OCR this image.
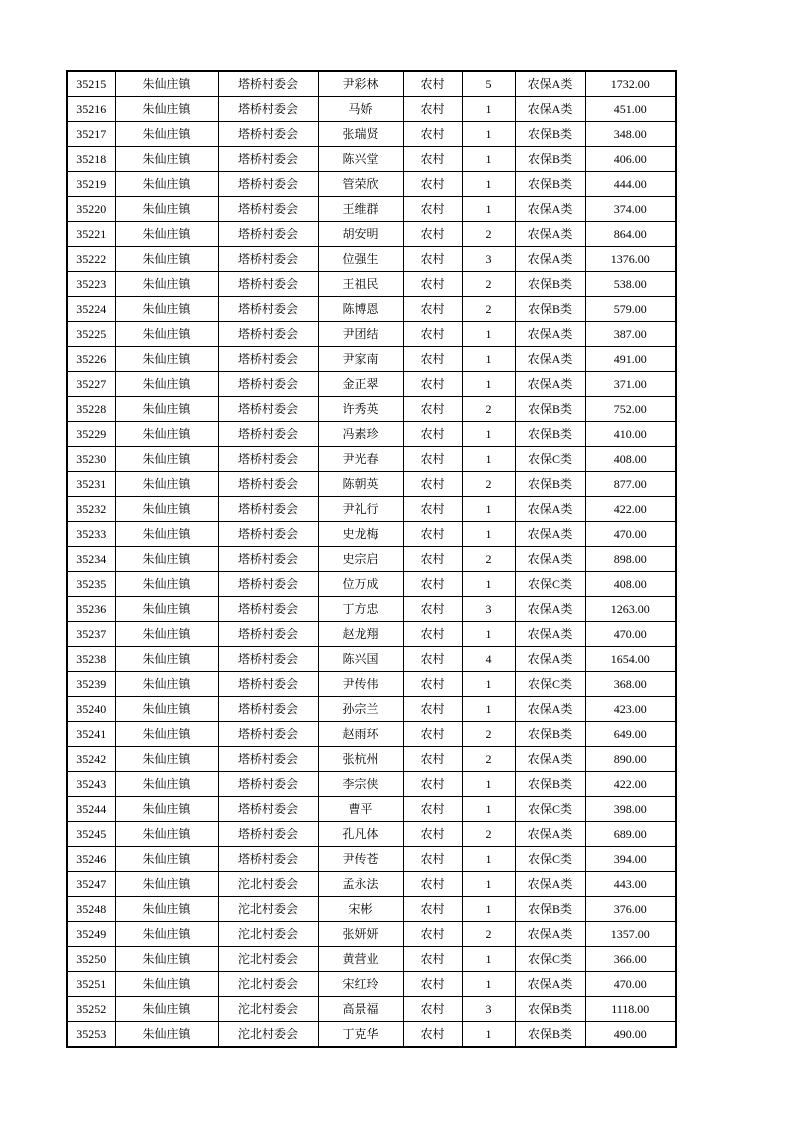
35215	朱仙庄镇	塔桥村委会	尹彩林	农村	5	农保A类	1732.00
35216	朱仙庄镇	塔桥村委会	马娇	农村	1	农保A类	451.00
35217	朱仙庄镇	塔桥村委会	张瑞贤	农村	1	农保B类	348.00
35218	朱仙庄镇	塔桥村委会	陈兴堂	农村	1	农保B类	406.00
35219	朱仙庄镇	塔桥村委会	管荣欣	农村	1	农保B类	444.00
35220	朱仙庄镇	塔桥村委会	王维群	农村	1	农保A类	374.00
35221	朱仙庄镇	塔桥村委会	胡安明	农村	2	农保A类	864.00
35222	朱仙庄镇	塔桥村委会	位强生	农村	3	农保A类	1376.00
35223	朱仙庄镇	塔桥村委会	王祖民	农村	2	农保B类	538.00
35224	朱仙庄镇	塔桥村委会	陈博恩	农村	2	农保B类	579.00
35225	朱仙庄镇	塔桥村委会	尹团结	农村	1	农保A类	387.00
35226	朱仙庄镇	塔桥村委会	尹家南	农村	1	农保A类	491.00
35227	朱仙庄镇	塔桥村委会	金正翠	农村	1	农保A类	371.00
35228	朱仙庄镇	塔桥村委会	许秀英	农村	2	农保B类	752.00
35229	朱仙庄镇	塔桥村委会	冯素珍	农村	1	农保B类	410.00
35230	朱仙庄镇	塔桥村委会	尹光春	农村	1	农保C类	408.00
35231	朱仙庄镇	塔桥村委会	陈朝英	农村	2	农保B类	877.00
35232	朱仙庄镇	塔桥村委会	尹礼行	农村	1	农保A类	422.00
35233	朱仙庄镇	塔桥村委会	史龙梅	农村	1	农保A类	470.00
35234	朱仙庄镇	塔桥村委会	史宗启	农村	2	农保A类	898.00
35235	朱仙庄镇	塔桥村委会	位万成	农村	1	农保C类	408.00
35236	朱仙庄镇	塔桥村委会	丁方忠	农村	3	农保A类	1263.00
35237	朱仙庄镇	塔桥村委会	赵龙翔	农村	1	农保A类	470.00
35238	朱仙庄镇	塔桥村委会	陈兴国	农村	4	农保A类	1654.00
35239	朱仙庄镇	塔桥村委会	尹传伟	农村	1	农保C类	368.00
35240	朱仙庄镇	塔桥村委会	孙宗兰	农村	1	农保A类	423.00
35241	朱仙庄镇	塔桥村委会	赵雨环	农村	2	农保B类	649.00
35242	朱仙庄镇	塔桥村委会	张杭州	农村	2	农保A类	890.00
35243	朱仙庄镇	塔桥村委会	李宗侠	农村	1	农保B类	422.00
35244	朱仙庄镇	塔桥村委会	曹平	农村	1	农保C类	398.00
35245	朱仙庄镇	塔桥村委会	孔凡体	农村	2	农保A类	689.00
35246	朱仙庄镇	塔桥村委会	尹传苍	农村	1	农保C类	394.00
35247	朱仙庄镇	沱北村委会	孟永法	农村	1	农保A类	443.00
35248	朱仙庄镇	沱北村委会	宋彬	农村	1	农保B类	376.00
35249	朱仙庄镇	沱北村委会	张妍妍	农村	2	农保A类	1357.00
35250	朱仙庄镇	沱北村委会	黄营业	农村	1	农保C类	366.00
35251	朱仙庄镇	沱北村委会	宋红玲	农村	1	农保A类	470.00
35252	朱仙庄镇	沱北村委会	高景福	农村	3	农保B类	1118.00
35253	朱仙庄镇	沱北村委会	丁克华	农村	1	农保B类	490.00
